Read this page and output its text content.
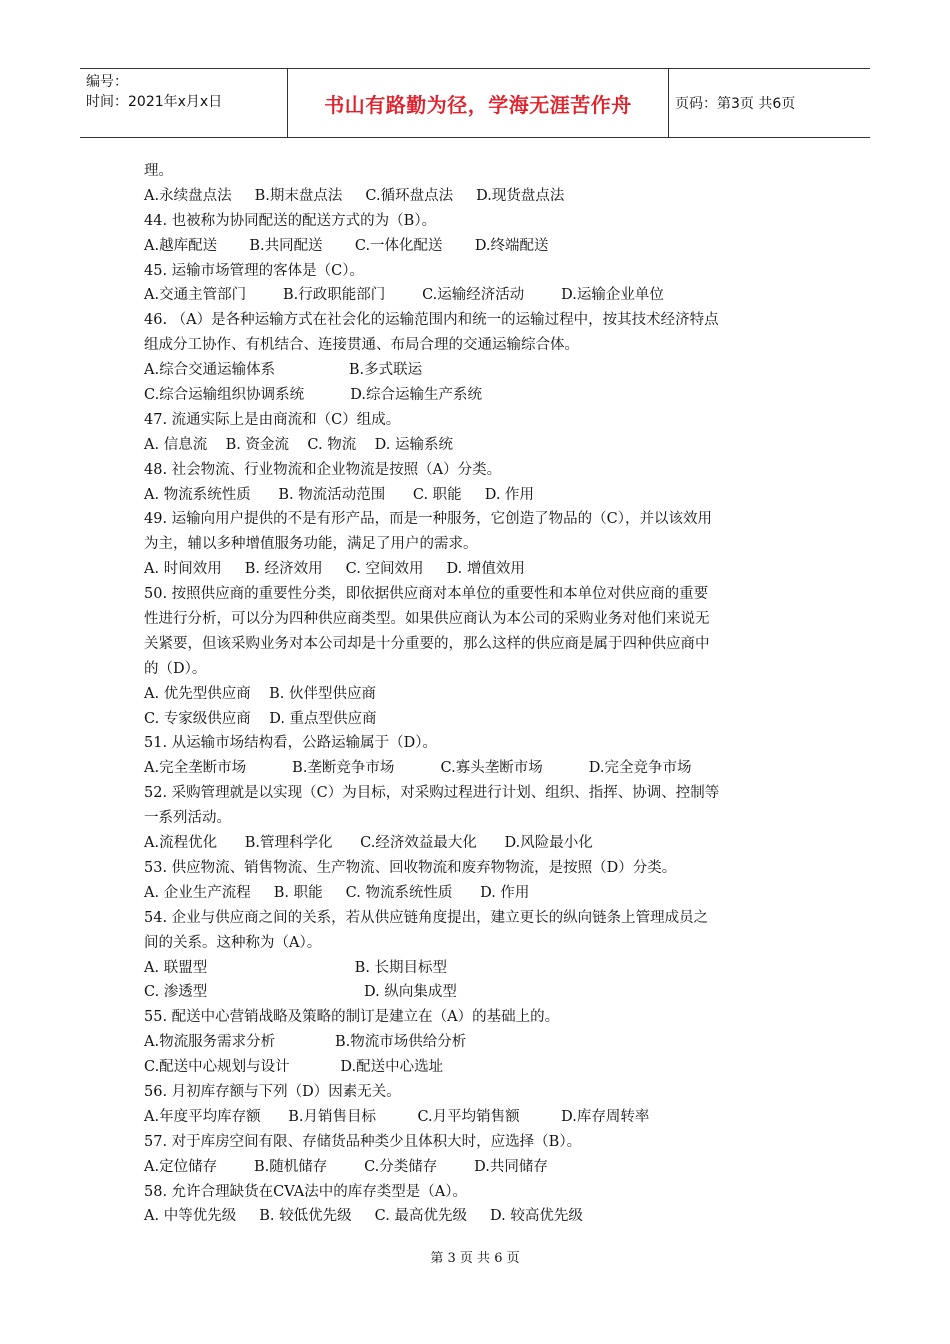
编号：
时间：2021年x月x日	书山有路勤为径，学海无涯苦作舟	页码：第3页 共6页
理。
A.永续盘点法     B.期末盘点法     C.循环盘点法     D.现货盘点法
44. 也被称为协同配送的配送方式的为（B）。
A.越库配送       B.共同配送       C.一体化配送       D.终端配送
45. 运输市场管理的客体是（C）。
A.交通主管部门        B.行政职能部门        C.运输经济活动        D.运输企业单位
46. （A）是各种运输方式在社会化的运输范围内和统一的运输过程中，按其技术经济特点
组成分工协作、有机结合、连接贯通、布局合理的交通运输综合体。
A.综合交通运输体系                B.多式联运
C.综合运输组织协调系统          D.综合运输生产系统
47. 流通实际上是由商流和（C）组成。
A. 信息流    B. 资金流    C. 物流    D. 运输系统
48. 社会物流、行业物流和企业物流是按照（A）分类。
A. 物流系统性质      B. 物流活动范围      C. 职能     D. 作用
49. 运输向用户提供的不是有形产品，而是一种服务，它创造了物品的（C），并以该效用
为主，辅以多种增值服务功能，满足了用户的需求。
A. 时间效用     B. 经济效用     C. 空间效用     D. 增值效用
50. 按照供应商的重要性分类，即依据供应商对本单位的重要性和本单位对供应商的重要
性进行分析，可以分为四种供应商类型。如果供应商认为本公司的采购业务对他们来说无
关紧要，但该采购业务对本公司却是十分重要的，那么这样的供应商是属于四种供应商中
的（D）。
A. 优先型供应商    B. 伙伴型供应商
C. 专家级供应商    D. 重点型供应商
51. 从运输市场结构看，公路运输属于（D）。
A.完全垄断市场          B.垄断竞争市场          C.寡头垄断市场          D.完全竞争市场
52. 采购管理就是以实现（C）为目标，对采购过程进行计划、组织、指挥、协调、控制等
一系列活动。
A.流程优化      B.管理科学化      C.经济效益最大化      D.风险最小化
53. 供应物流、销售物流、生产物流、回收物流和废弃物物流，是按照（D）分类。
A. 企业生产流程     B. 职能     C. 物流系统性质      D. 作用
54. 企业与供应商之间的关系，若从供应链角度提出，建立更长的纵向链条上管理成员之
间的关系。这种称为（A）。
A. 联盟型                                B. 长期目标型
C. 渗透型                                  D. 纵向集成型
55. 配送中心营销战略及策略的制订是建立在（A）的基础上的。
A.物流服务需求分析             B.物流市场供给分析
C.配送中心规划与设计           D.配送中心选址
56. 月初库存额与下列（D）因素无关。
A.年度平均库存额      B.月销售目标         C.月平均销售额         D.库存周转率
57. 对于库房空间有限、存储货品种类少且体积大时，应选择（B）。
A.定位储存        B.随机储存        C.分类储存        D.共同储存
58. 允许合理缺货在CVA法中的库存类型是（A）。
A. 中等优先级     B. 较低优先级     C. 最高优先级     D. 较高优先级
第 3 页 共 6 页
